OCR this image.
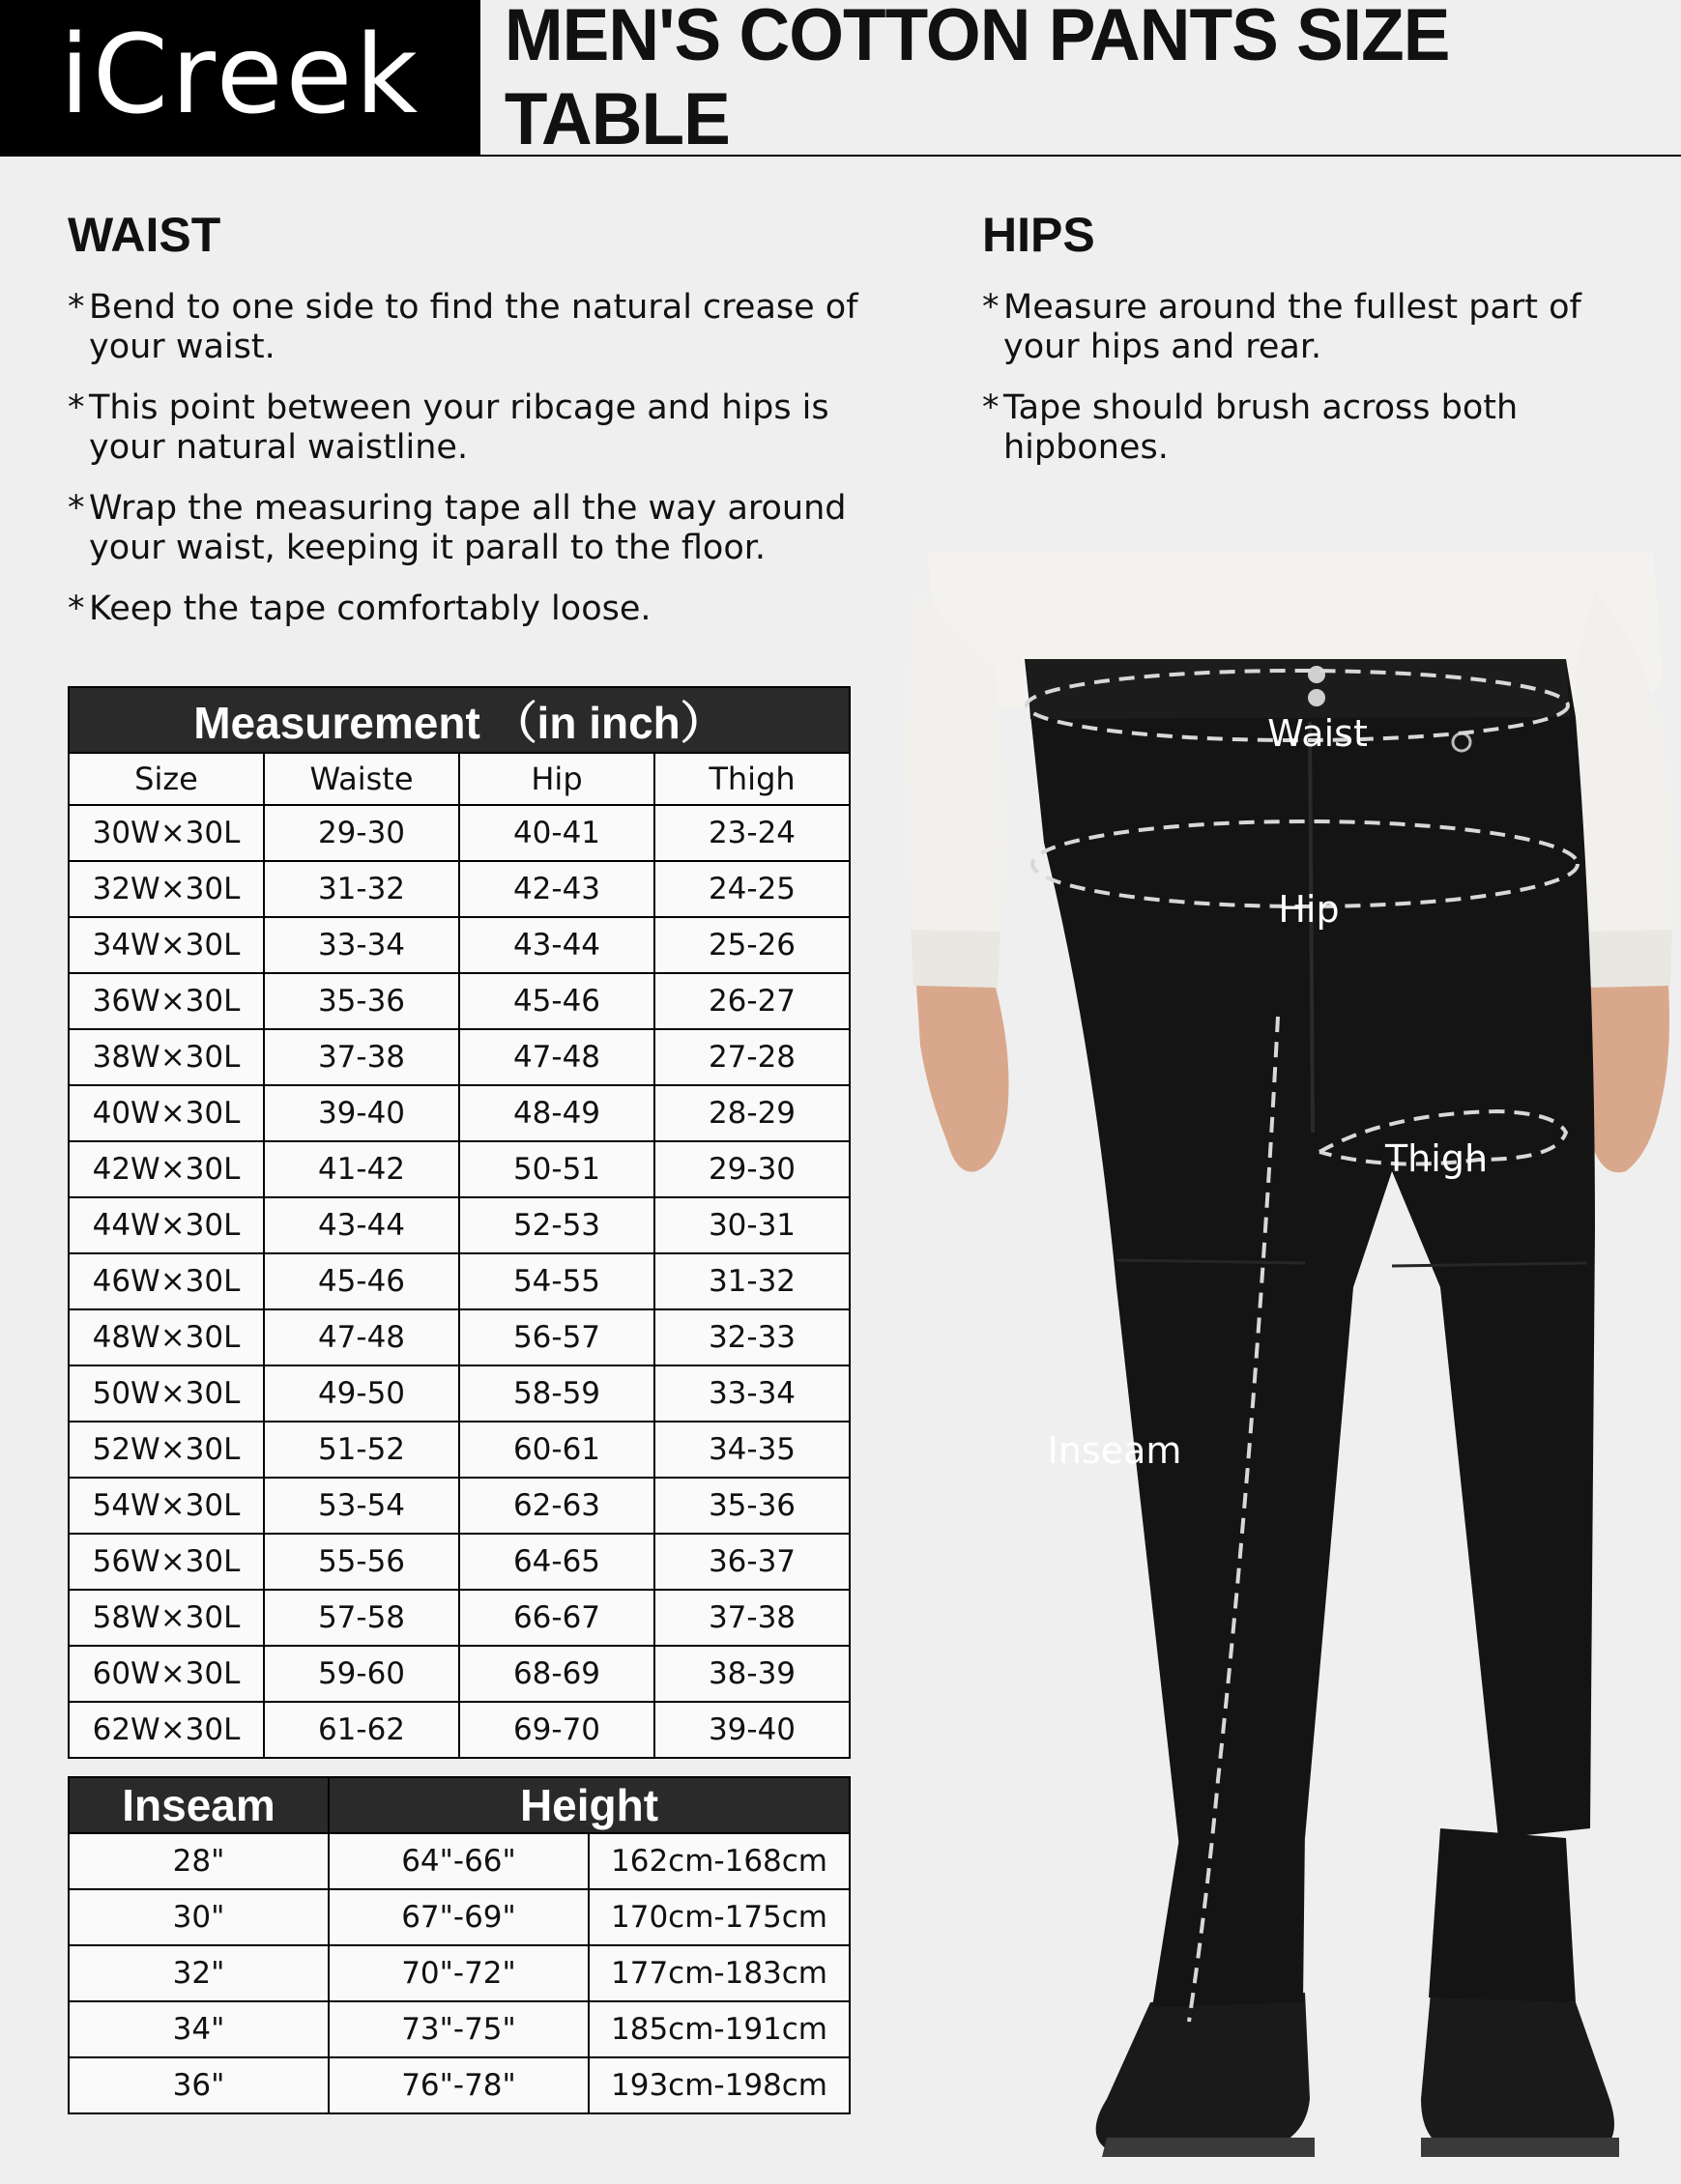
iCreek MEN'S COTTON PANTS SIZE TABLE
WAIST
* Bend to one side to find the natural crease of your waist.
* This point between your ribcage and hips is your natural waistline.
* Wrap the measuring tape all the way around your waist, keeping it parall to the floor.
* Keep the tape comfortably loose.
HIPS
* Measure around the fullest part of your hips and rear.
* Tape should brush across both hipbones.
Measurement （in inch）			
Size	Waiste	Hip	Thigh
30W×30L	29-30	40-41	23-24
32W×30L	31-32	42-43	24-25
34W×30L	33-34	43-44	25-26
36W×30L	35-36	45-46	26-27
38W×30L	37-38	47-48	27-28
40W×30L	39-40	48-49	28-29
42W×30L	41-42	50-51	29-30
44W×30L	43-44	52-53	30-31
46W×30L	45-46	54-55	31-32
48W×30L	47-48	56-57	32-33
50W×30L	49-50	58-59	33-34
52W×30L	51-52	60-61	34-35
54W×30L	53-54	62-63	35-36
56W×30L	55-56	64-65	36-37
58W×30L	57-58	66-67	37-38
60W×30L	59-60	68-69	38-39
62W×30L	61-62	69-70	39-40
Inseam	Height	
28"	64"-66"	162cm-168cm
30"	67"-69"	170cm-175cm
32"	70"-72"	177cm-183cm
34"	73"-75"	185cm-191cm
36"	76"-78"	193cm-198cm
Waist
Hip
Thigh
Inseam
